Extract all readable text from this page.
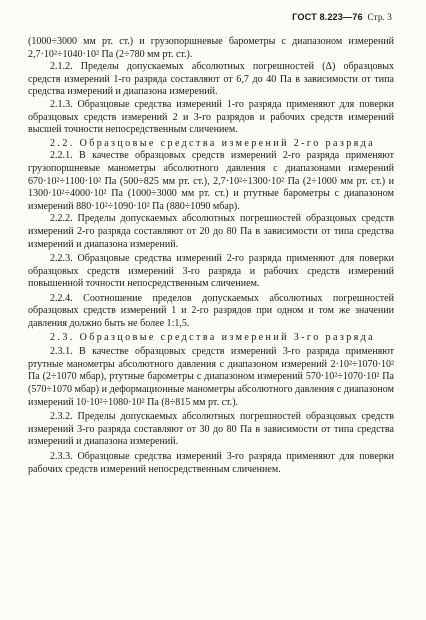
ГОСТ 8.223—76 Стр. 3

(1000÷3000 мм рт. ст.) и грузопоршневые барометры с диапазоном измерений 2,7·10²÷1040·10² Па (2÷780 мм рт. ст.).

2.1.2. Пределы допускаемых абсолютных погрешностей (Δ) образцовых средств измерений 1-го разряда составляют от 6,7 до 40 Па в зависимости от типа средства измерений и диапазона измерений.

2.1.3. Образцовые средства измерений 1-го разряда применяют для поверки образцовых средств измерений 2 и 3-го разрядов и рабочих средств измерений высшей точности непосредственным сличением.

2.2. Образцовые средства измерений 2-го разряда

2.2.1. В качестве образцовых средств измерений 2-го разряда применяют грузопоршневые манометры абсолютного давления с диапазонами измерений 670·10²÷1100·10² Па (500÷825 мм рт. ст.), 2,7·10²÷1300·10² Па (2÷1000 мм рт. ст.) и 1300·10²÷4000·10² Па (1000÷3000 мм рт. ст.) и ртутные барометры с диапазоном измерений 880·10²÷1090·10² Па (880÷1090 мбар).

2.2.2. Пределы допускаемых абсолютных погрешностей образцовых средств измерений 2-го разряда составляют от 20 до 80 Па в зависимости от типа средства измерений и диапазона измерений.

2.2.3. Образцовые средства измерений 2-го разряда применяют для поверки образцовых средств измерений 3-го разряда и рабочих средств измерений повышенной точности непосредственным сличением.

2.2.4. Соотношение пределов допускаемых абсолютных погрешностей образцовых средств измерений 1 и 2-го разрядов при одном и том же значении давления должно быть не более 1:1,5.

2.3. Образцовые средства измерений 3-го разряда

2.3.1. В качестве образцовых средств измерений 3-го разряда применяют ртутные манометры абсолютного давления с диапазоном измерений 2·10²÷1070·10² Па (2÷1070 мбар), ртутные барометры с диапазоном измерений 570·10²÷1070·10² Па (570÷1070 мбар) и деформационные манометры абсолютного давления с диапазоном измерений 10·10²÷1080·10² Па (8÷815 мм рт. ст.).

2.3.2. Пределы допускаемых абсолютных погрешностей образцовых средств измерений 3-го разряда составляют от 30 до 80 Па в зависимости от типа средства измерений и диапазона измерений.

2.3.3. Образцовые средства измерений 3-го разряда применяют для поверки рабочих средств измерений непосредственным сличением.
